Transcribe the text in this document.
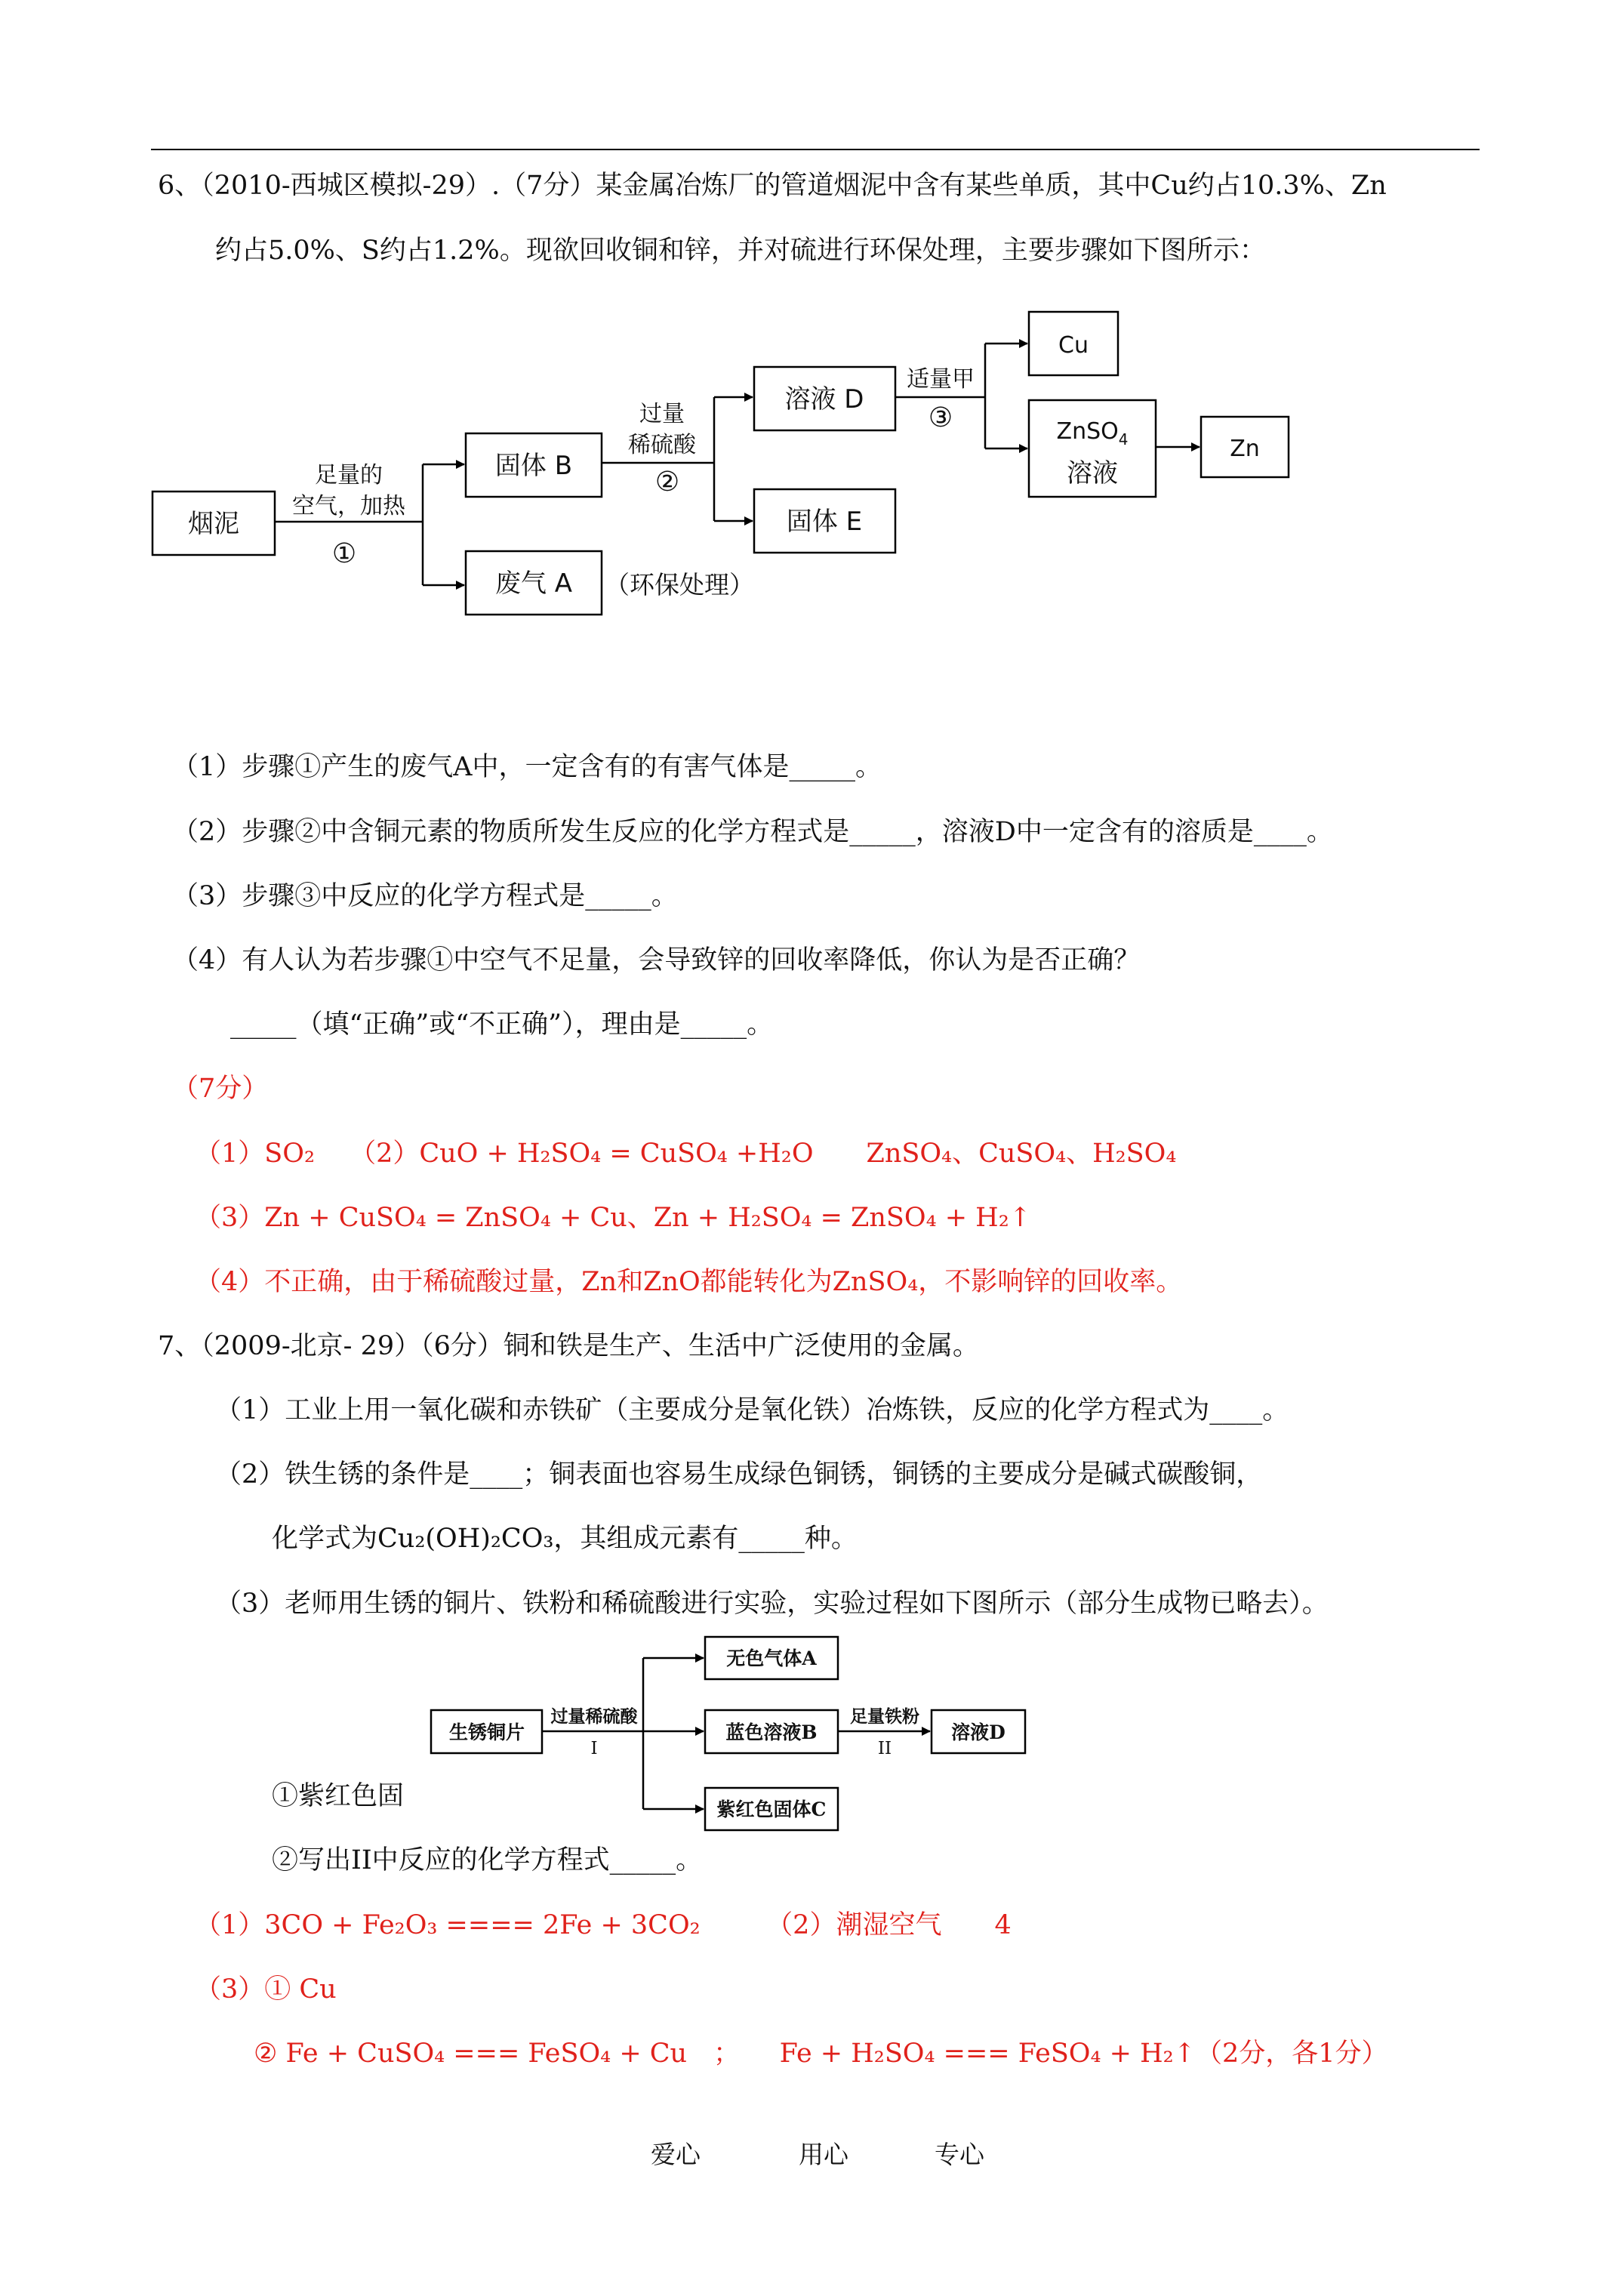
6、（2010-西城区模拟-29）.（7分）某金属冶炼厂的管道烟泥中含有某些单质，其中Cu约占10.3%、Zn
约占5.0%、S约占1.2%。现欲回收铜和锌，并对硫进行环保处理，主要步骤如下图所示：
烟泥
固体 B
废气 A
溶液 D
固体 E
Cu
ZnSO$_4$
溶液
Zn
足量的
空气，加热
①
过量
稀硫酸
②
适量甲
③
（环保处理）
（1）步骤①产生的废气A中，一定含有的有害气体是_____。
（2）步骤②中含铜元素的物质所发生反应的化学方程式是_____，溶液D中一定含有的溶质是____。
（3）步骤③中反应的化学方程式是_____。
（4）有人认为若步骤①中空气不足量，会导致锌的回收率降低，你认为是否正确？
_____（填“正确”或“不正确”），理由是_____。
（7分）
（1）SO₂　 （2）CuO + H₂SO₄ = CuSO₄ +H₂O　　ZnSO₄、CuSO₄、H₂SO₄
（3）Zn + CuSO₄ = ZnSO₄ + Cu、Zn + H₂SO₄ = ZnSO₄ + H₂↑
（4）不正确，由于稀硫酸过量，Zn和ZnO都能转化为ZnSO₄，不影响锌的回收率。
7、（2009-北京- 29）（6分）铜和铁是生产、生活中广泛使用的金属。
（1）工业上用一氧化碳和赤铁矿（主要成分是氧化铁）冶炼铁，反应的化学方程式为____。
（2）铁生锈的条件是____；铜表面也容易生成绿色铜锈，铜锈的主要成分是碱式碳酸铜，
化学式为Cu₂(OH)₂CO₃，其组成元素有_____种。
（3）老师用生锈的铜片、铁粉和稀硫酸进行实验，实验过程如下图所示（部分生成物已略去）。
生锈铜片
无色气体A
蓝色溶液B
紫红色固体C
溶液D
过量稀硫酸
I
足量铁粉
II
①紫红色固
②写出II中反应的化学方程式_____。
（1）3CO + Fe₂O₃ ==== 2Fe + 3CO₂　　　（2）潮湿空气　　4
（3）① Cu
② Fe + CuSO₄ === FeSO₄ + Cu　；　　Fe + H₂SO₄ === FeSO₄ + H₂↑（2分，各1分）
爱心	用心	专心
